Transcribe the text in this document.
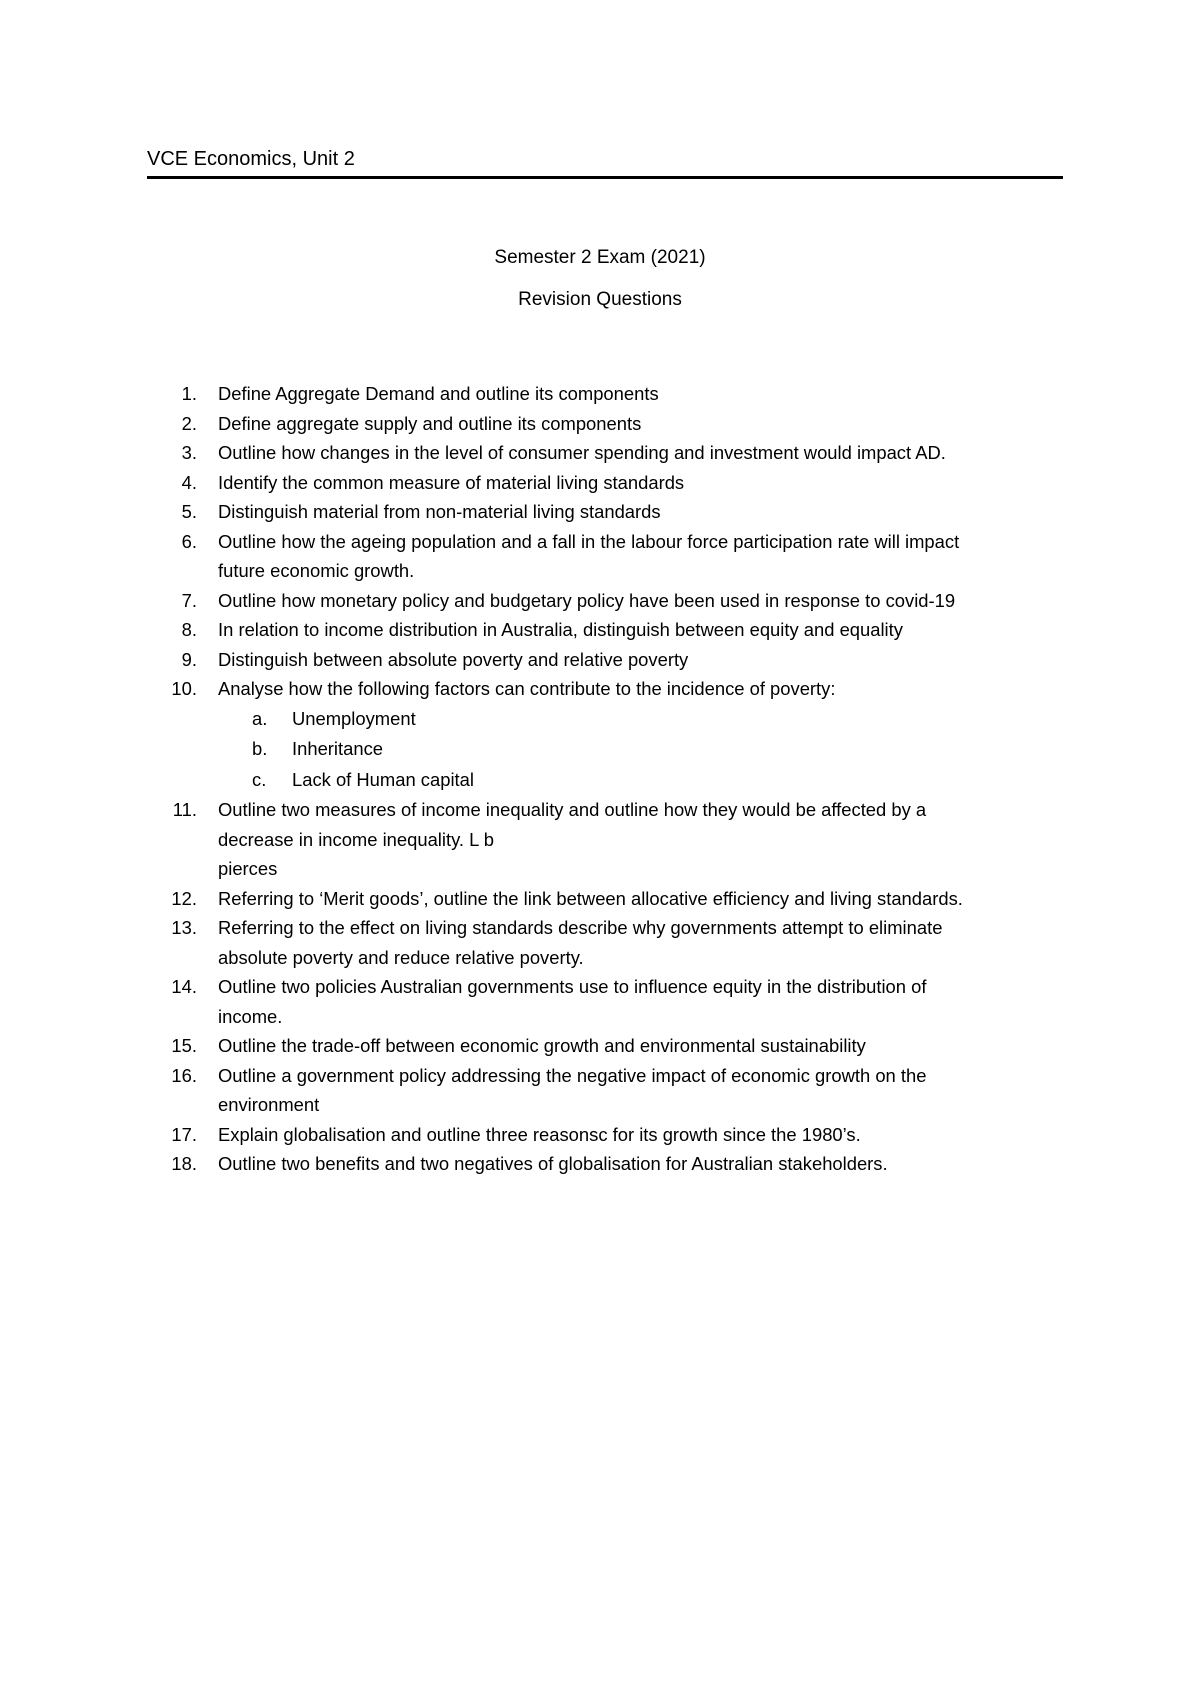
VCE Economics, Unit 2
Semester 2 Exam (2021)
Revision Questions
1. Define Aggregate Demand and outline its components
2. Define aggregate supply and outline its components
3. Outline how changes in the level of consumer spending and investment would impact AD.
4. Identify the common measure of material living standards
5. Distinguish material from non-material living standards
6. Outline how the ageing population and a fall in the labour force participation rate will impact
future economic growth.
7. Outline how monetary policy and budgetary policy have been used in response to covid-19
8. In relation to income distribution in Australia, distinguish between equity and equality
9. Distinguish between absolute poverty and relative poverty
10. Analyse how the following factors can contribute to the incidence of poverty:
a. Unemployment
b. Inheritance
c. Lack of Human capital
11. Outline two measures of income inequality and outline how they would be affected by a
decrease in income inequality. L b
pierces
12. Referring to ‘Merit goods’, outline the link between allocative efficiency and living standards.
13. Referring to the effect on living standards describe why governments attempt to eliminate
absolute poverty and reduce relative poverty.
14. Outline two policies Australian governments use to influence equity in the distribution of
income.
15. Outline the trade-off between economic growth and environmental sustainability
16. Outline a government policy addressing the negative impact of economic growth on the
environment
17. Explain globalisation and outline three reasonsc for its growth since the 1980’s.
18. Outline two benefits and two negatives of globalisation for Australian stakeholders.
